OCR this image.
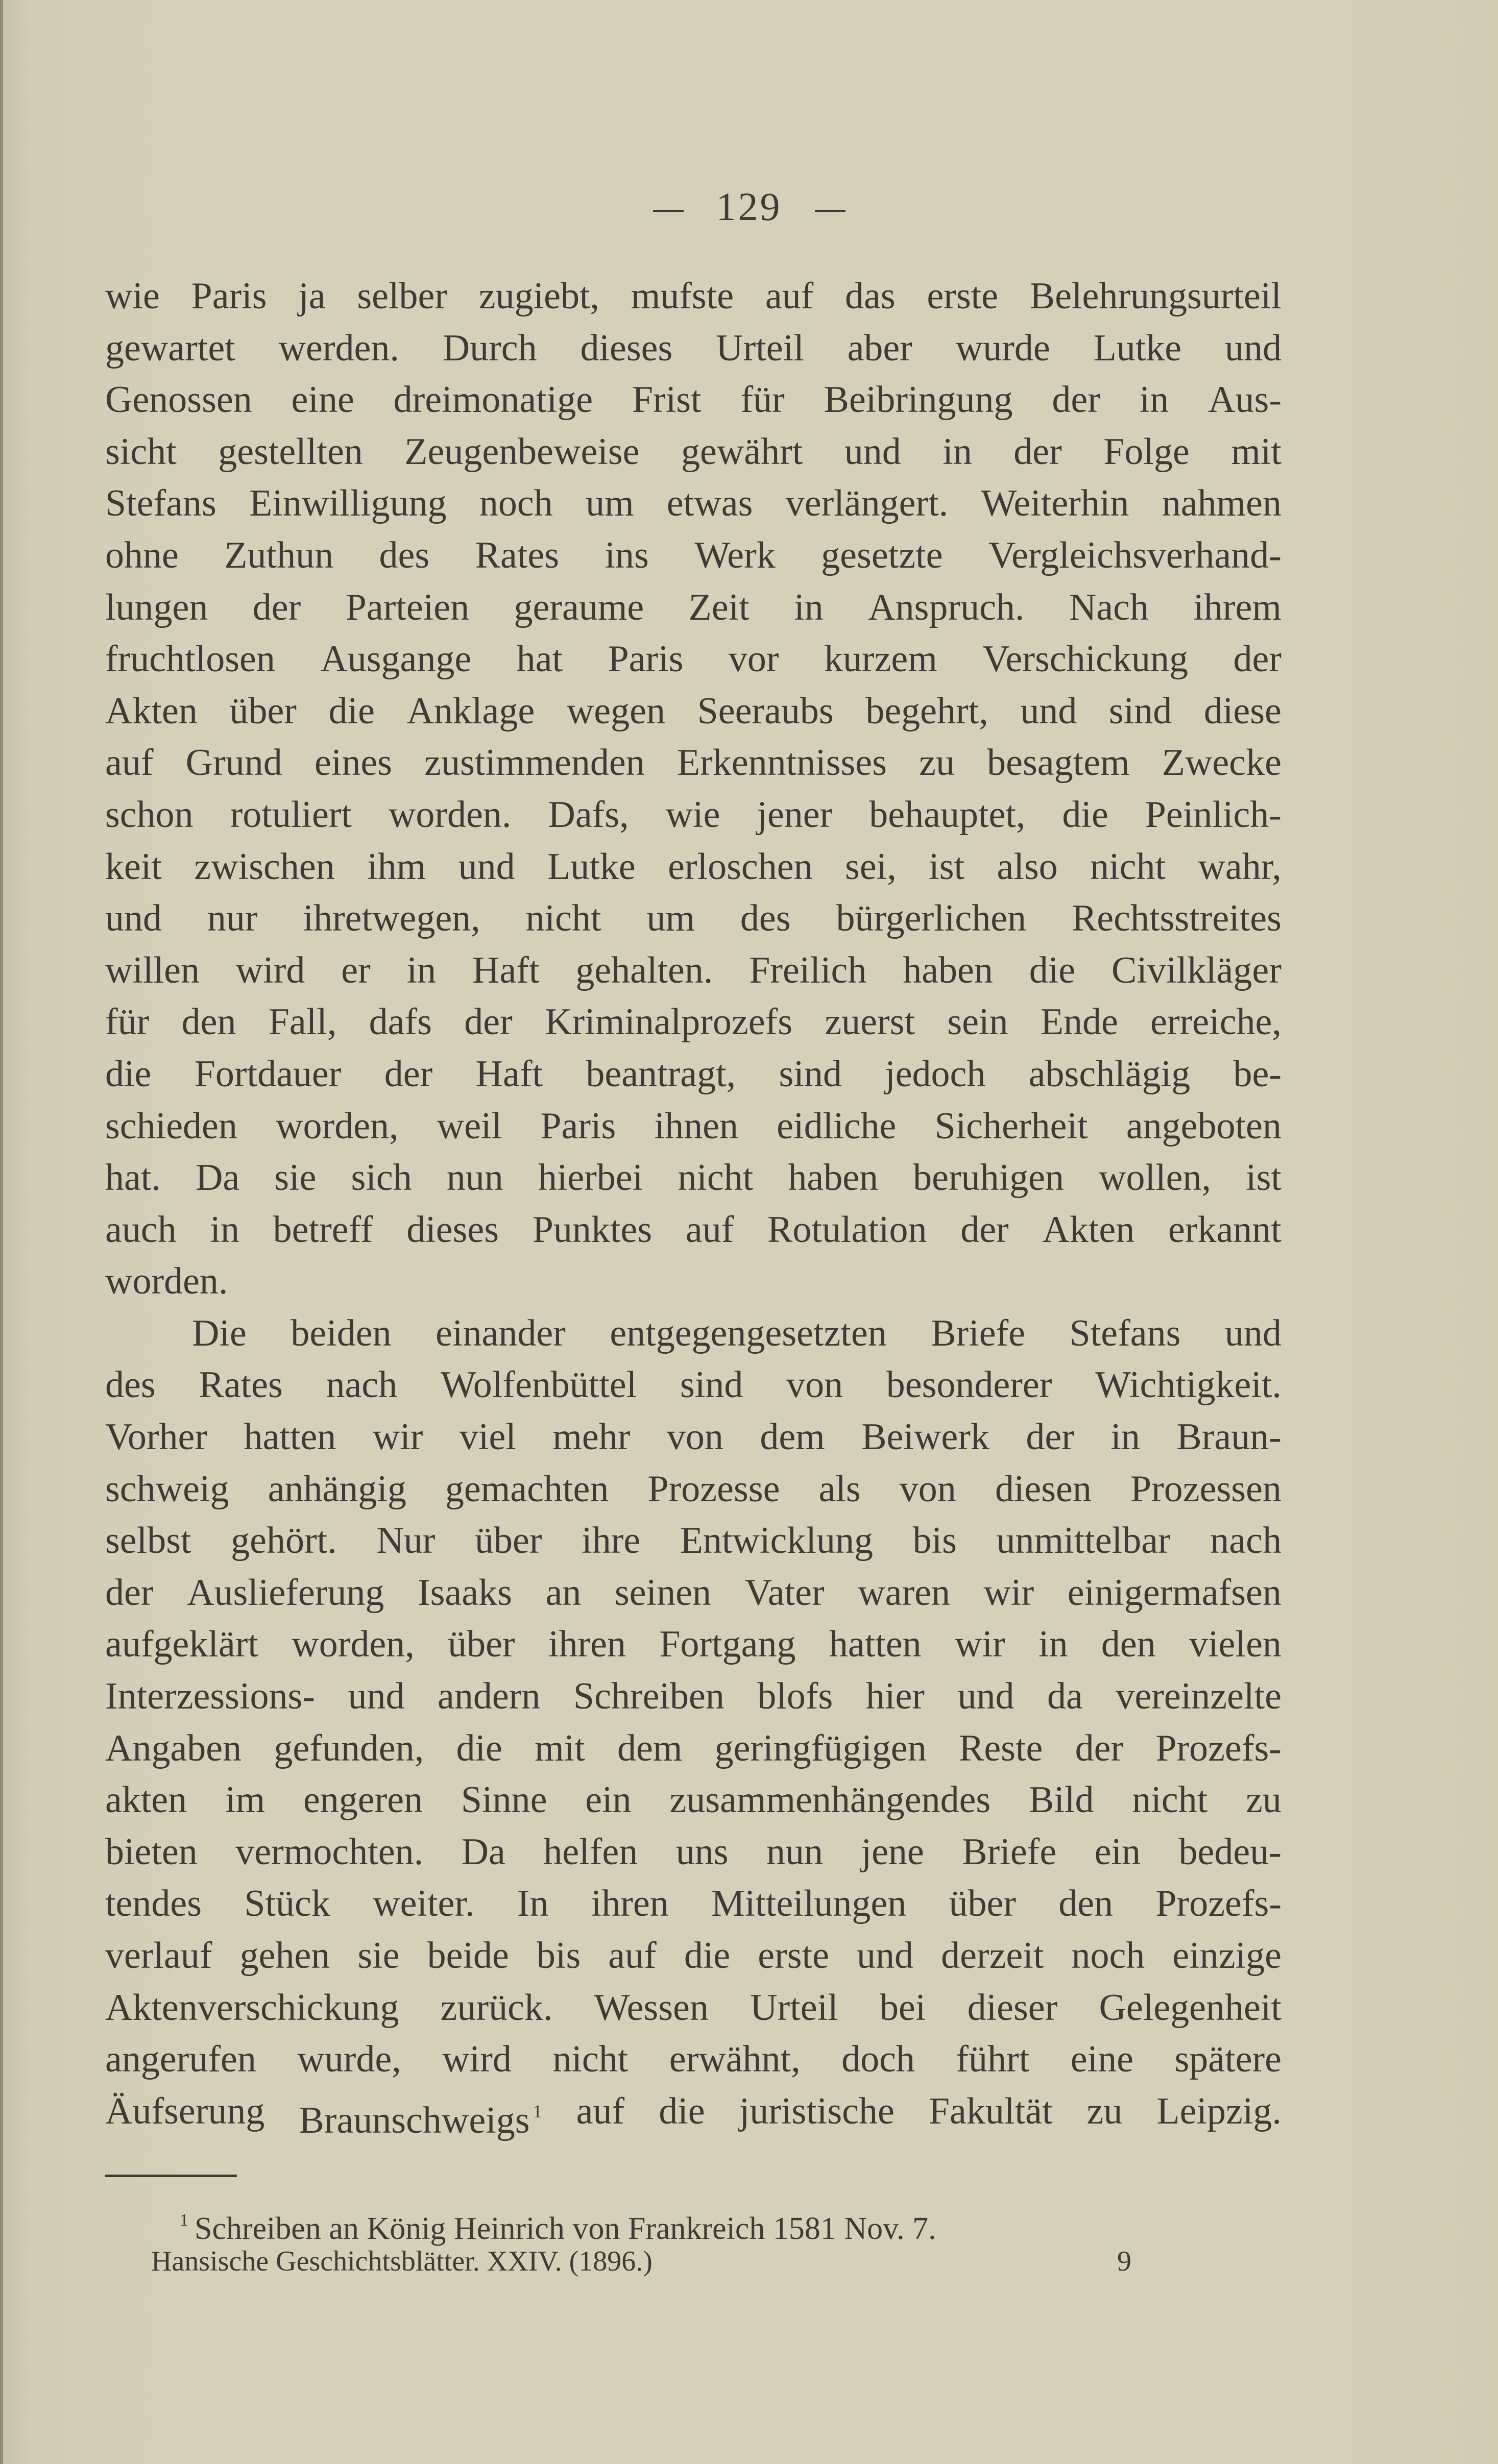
129
wie Paris ja selber zugiebt, mufste auf das erste Belehrungsurteil
gewartet werden. Durch dieses Urteil aber wurde Lutke und
Genossen eine dreimonatige Frist für Beibringung der in Aus-
sicht gestellten Zeugenbeweise gewährt und in der Folge mit
Stefans Einwilligung noch um etwas verlängert. Weiterhin nahmen
ohne Zuthun des Rates ins Werk gesetzte Vergleichsverhand-
lungen der Parteien geraume Zeit in Anspruch. Nach ihrem
fruchtlosen Ausgange hat Paris vor kurzem Verschickung der
Akten über die Anklage wegen Seeraubs begehrt, und sind diese
auf Grund eines zustimmenden Erkenntnisses zu besagtem Zwecke
schon rotuliert worden. Dafs, wie jener behauptet, die Peinlich-
keit zwischen ihm und Lutke erloschen sei, ist also nicht wahr,
und nur ihretwegen, nicht um des bürgerlichen Rechtsstreites
willen wird er in Haft gehalten. Freilich haben die Civilkläger
für den Fall, dafs der Kriminalprozefs zuerst sein Ende erreiche,
die Fortdauer der Haft beantragt, sind jedoch abschlägig be-
schieden worden, weil Paris ihnen eidliche Sicherheit angeboten
hat. Da sie sich nun hierbei nicht haben beruhigen wollen, ist
auch in betreff dieses Punktes auf Rotulation der Akten erkannt
worden.
Die beiden einander entgegengesetzten Briefe Stefans und
des Rates nach Wolfenbüttel sind von besonderer Wichtigkeit.
Vorher hatten wir viel mehr von dem Beiwerk der in Braun-
schweig anhängig gemachten Prozesse als von diesen Prozessen
selbst gehört. Nur über ihre Entwicklung bis unmittelbar nach
der Auslieferung Isaaks an seinen Vater waren wir einigermafsen
aufgeklärt worden, über ihren Fortgang hatten wir in den vielen
Interzessions- und andern Schreiben blofs hier und da vereinzelte
Angaben gefunden, die mit dem geringfügigen Reste der Prozefs-
akten im engeren Sinne ein zusammenhängendes Bild nicht zu
bieten vermochten. Da helfen uns nun jene Briefe ein bedeu-
tendes Stück weiter. In ihren Mitteilungen über den Prozefs-
verlauf gehen sie beide bis auf die erste und derzeit noch einzige
Aktenverschickung zurück. Wessen Urteil bei dieser Gelegenheit
angerufen wurde, wird nicht erwähnt, doch führt eine spätere
Äufserung Braunschweigs $^1$ auf die juristische Fakultät zu Leipzig.
$^1$ Schreiben an König Heinrich von Frankreich 1581 Nov. 7.
Hansische Geschichtsblätter. XXIV. (1896.)	9
